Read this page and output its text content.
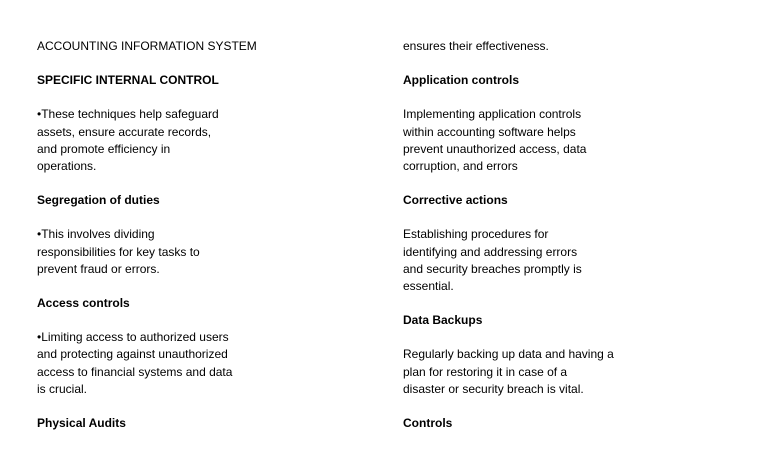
ACCOUNTING INFORMATION SYSTEM
SPECIFIC INTERNAL CONTROL
•These techniques help safeguard
assets, ensure accurate records,
and promote efficiency in
operations.
Segregation of duties
•This involves dividing
responsibilities for key tasks to
prevent fraud or errors.
Access controls
•Limiting access to authorized users
and protecting against unauthorized
access to financial systems and data
is crucial.
Physical Audits
ensures their effectiveness.
Application controls
Implementing application controls
within accounting software helps
prevent unauthorized access, data
corruption, and errors
Corrective actions
Establishing procedures for
identifying and addressing errors
and security breaches promptly is
essential.
Data Backups
Regularly backing up data and having a
plan for restoring it in case of a
disaster or security breach is vital.
Controls
